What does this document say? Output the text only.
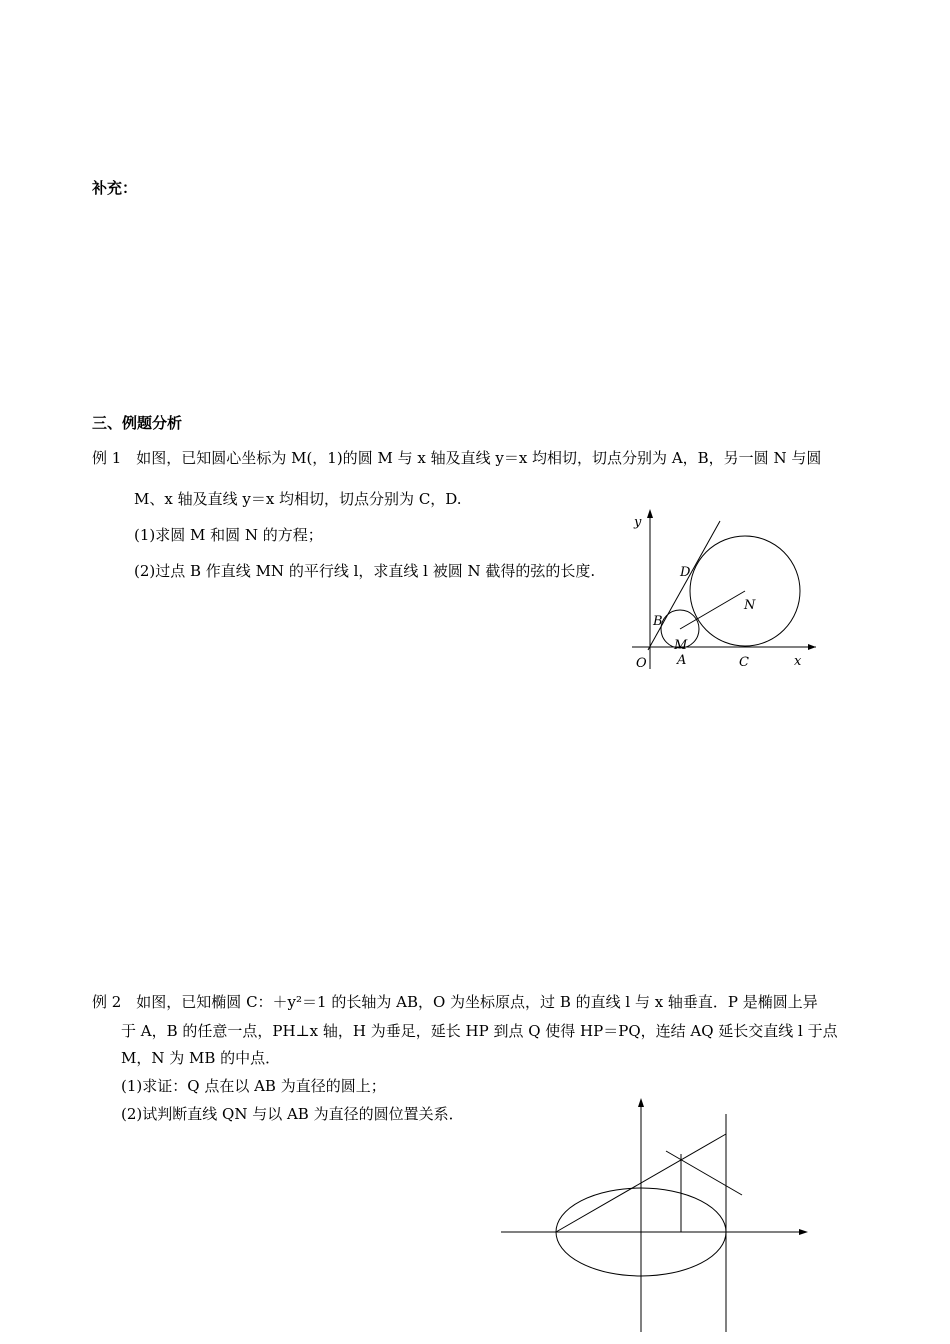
补充：
三、例题分析
例 1　如图，已知圆心坐标为 M(，1)的圆 M 与 x 轴及直线 y＝x 均相切，切点分别为 A，B，另一圆 N 与圆
M、x 轴及直线 y＝x 均相切，切点分别为 C，D.
(1)求圆 M 和圆 N 的方程；
(2)过点 B 作直线 MN 的平行线 l，求直线 l 被圆 N 截得的弦的长度.
y
x
O A
B
C
D
M
N
例 2　如图，已知椭圆 C：＋y²＝1 的长轴为 AB，O 为坐标原点，过 B 的直线 l 与 x 轴垂直．P 是椭圆上异
于 A，B 的任意一点，PH⊥x 轴，H 为垂足，延长 HP 到点 Q 使得 HP＝PQ，连结 AQ 延长交直线 l 于点
M，N 为 MB 的中点．
(1)求证：Q 点在以 AB 为直径的圆上；
(2)试判断直线 QN 与以 AB 为直径的圆位置关系．
